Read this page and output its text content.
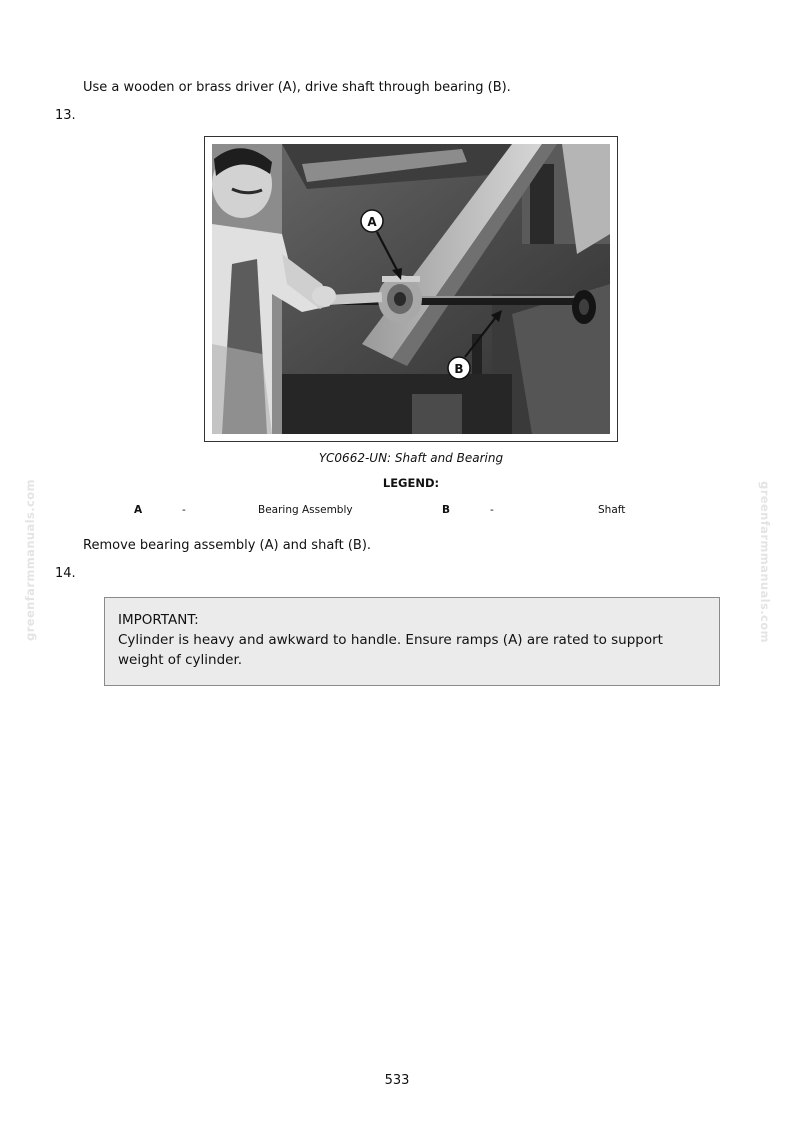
Use a wooden or brass driver (A), drive shaft through bearing (B).
13.
A
B
YC0662-UN: Shaft and Bearing
LEGEND:
A	-	Bearing Assembly	B	-	Shaft
Remove bearing assembly (A) and shaft (B).
14.
IMPORTANT:
Cylinder is heavy and awkward to handle. Ensure ramps (A) are rated to support weight of cylinder.
greenfarmmanuals.com	greenfarmmanuals.com
533
